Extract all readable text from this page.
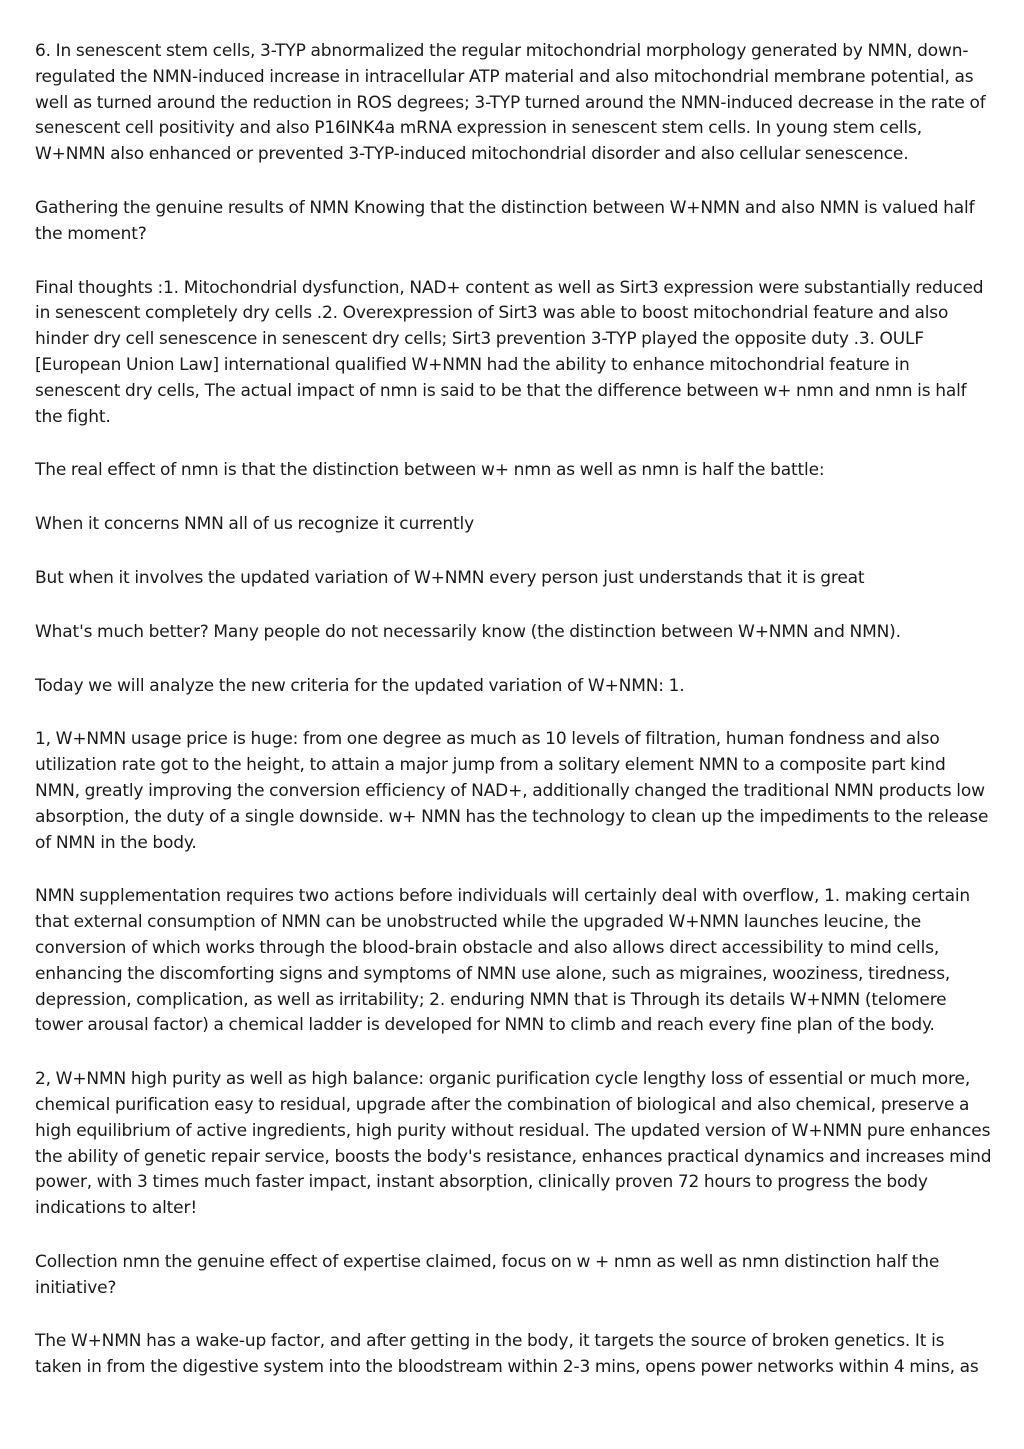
6. In senescent stem cells, 3-TYP abnormalized the regular mitochondrial morphology generated by NMN, down-regulated the NMN-induced increase in intracellular ATP material and also mitochondrial membrane potential, as well as turned around the reduction in ROS degrees; 3-TYP turned around the NMN-induced decrease in the rate of senescent cell positivity and also P16INK4a mRNA expression in senescent stem cells. In young stem cells, W+NMN also enhanced or prevented 3-TYP-induced mitochondrial disorder and also cellular senescence.

Gathering the genuine results of NMN Knowing that the distinction between W+NMN and also NMN is valued half the moment?

Final thoughts :1. Mitochondrial dysfunction, NAD+ content as well as Sirt3 expression were substantially reduced in senescent completely dry cells .2. Overexpression of Sirt3 was able to boost mitochondrial feature and also hinder dry cell senescence in senescent dry cells; Sirt3 prevention 3-TYP played the opposite duty .3. OULF [European Union Law] international qualified W+NMN had the ability to enhance mitochondrial feature in senescent dry cells, The actual impact of nmn is said to be that the difference between w+ nmn and nmn is half the fight.

The real effect of nmn is that the distinction between w+ nmn as well as nmn is half the battle:

When it concerns NMN all of us recognize it currently

But when it involves the updated variation of W+NMN every person just understands that it is great

What's much better? Many people do not necessarily know (the distinction between W+NMN and NMN).

Today we will analyze the new criteria for the updated variation of W+NMN: 1.

1, W+NMN usage price is huge: from one degree as much as 10 levels of filtration, human fondness and also utilization rate got to the height, to attain a major jump from a solitary element NMN to a composite part kind NMN, greatly improving the conversion efficiency of NAD+, additionally changed the traditional NMN products low absorption, the duty of a single downside. w+ NMN has the technology to clean up the impediments to the release of NMN in the body.

NMN supplementation requires two actions before individuals will certainly deal with overflow, 1. making certain that external consumption of NMN can be unobstructed while the upgraded W+NMN launches leucine, the conversion of which works through the blood-brain obstacle and also allows direct accessibility to mind cells, enhancing the discomforting signs and symptoms of NMN use alone, such as migraines, wooziness, tiredness, depression, complication, as well as irritability; 2. enduring NMN that is Through its details W+NMN (telomere tower arousal factor) a chemical ladder is developed for NMN to climb and reach every fine plan of the body.

2, W+NMN high purity as well as high balance: organic purification cycle lengthy loss of essential or much more, chemical purification easy to residual, upgrade after the combination of biological and also chemical, preserve a high equilibrium of active ingredients, high purity without residual. The updated version of W+NMN pure enhances the ability of genetic repair service, boosts the body's resistance, enhances practical dynamics and increases mind power, with 3 times much faster impact, instant absorption, clinically proven 72 hours to progress the body indications to alter!

Collection nmn the genuine effect of expertise claimed, focus on w + nmn as well as nmn distinction half the initiative?

The W+NMN has a wake-up factor, and after getting in the body, it targets the source of broken genetics. It is taken in from the digestive system into the bloodstream within 2-3 mins, opens power networks within 4 mins, as
